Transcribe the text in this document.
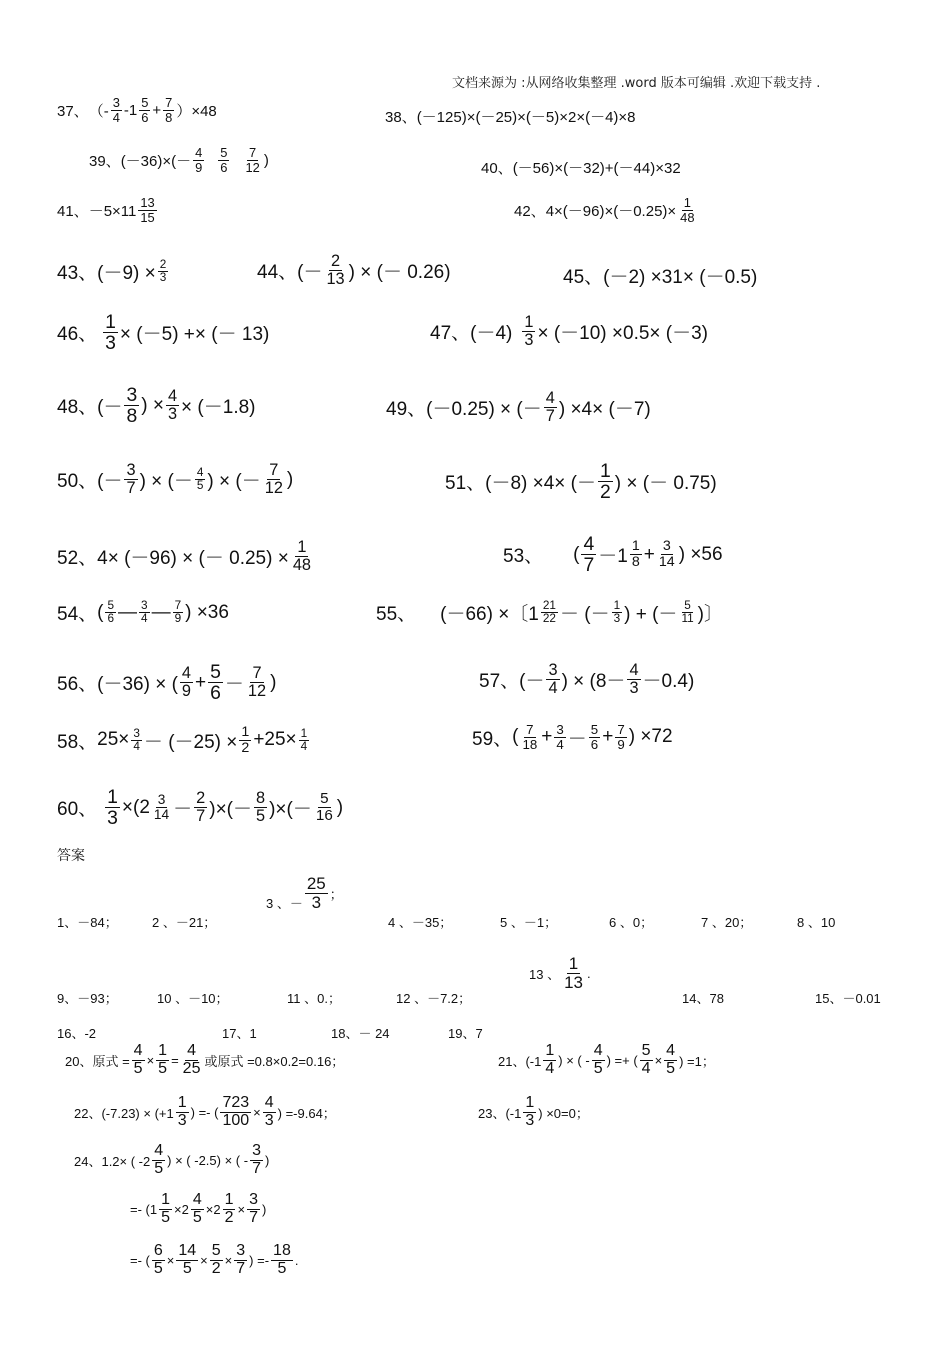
文档来源为 :从网络收集整理 .word 版本可编辑 .欢迎下载支持 .
37、 （- $\frac{3}{4} -1 \frac{5}{6} + \frac{7}{8} )\times 48$	38、 (－125)×(－25)×(－5)×2×(－4)×8
39、 $(-36)\times(- \frac{4}{9} \frac{5}{6} \frac{7}{12}$ )	40、 (－56)×(－32)+(－44)×32
41、 $-5\times 11 \frac{13}{15}$	42、 $4\times(-96)\times(-0.25)\times \frac{1}{48}$
43、 $(-9) \times \frac{2}{3}$	44、 (－ $\frac{2}{13}$ ) × (－ 0.26)	45、 (－2) ×31× (－0.5)
46、 $\frac{1}{3} \times (-5)$ +× (－ 13)	47、 $(-4) \frac{1}{3} \times (-10) \times 0.5\times (-3)$
48、 (－ $\frac{3}{8}$ ) × $\frac{4}{3} \times (-1.8)$	49、 (－0.25) × (－ $\frac{4}{7}$ ) ×4× (－7)
50、 (－ $\frac{3}{7}$ ) × (－ $\frac{4}{5}$ ) × (－ $\frac{7}{12}$ )	51、 (－8) ×4× (－ $\frac{1}{2}$ ) × (－ 0.75)
52、 4× (－96) × (－ $0.25) \times \frac{1}{48}$	53、 ( $\frac{4}{7} -1 \frac{1}{8} + \frac{3}{14}$ ) ×56
54、 ( $\frac{5}{6}$ — $\frac{3}{4}$ — $\frac{7}{9}$ ) ×36	55、 (－66) ×〔$1 \frac{21}{22}$ － (－ $\frac{1}{3}$ ) + (－ $\frac{5}{11}$ )〕
56、 (－36) × ( $\frac{4}{9} + \frac{5}{6} - \frac{7}{12}$ )	57、 (－ $\frac{3}{4}$ ) × $(8- \frac{4}{3} -0.4)$
58、 $25\times \frac{3}{4} - (-25) \times \frac{1}{2} +25\times \frac{1}{4}$	59、 ( $\frac{7}{18} + \frac{3}{4} - \frac{5}{6} + \frac{7}{9}$ ) ×72
60、 $\frac{1}{3} \times(2 \frac{3}{14} - \frac{2}{7}$ )×(－ $\frac{8}{5}$ )×(－ $\frac{5}{16}$ )
答案
1、－84；	2 、－21；
3 、－ $\frac{25}{3}$ ；
4 、－35；	5 、－1；	6 、0；	7 、20；	8 、10
9、－93；	10 、－10；	11 、0.；	12 、－7.2；
13 、 $\frac{1}{13}$ .
14、78	15、－0.01
16、-2	17、1	18、－ 24	19、7
20、原式 = $\frac{4}{5} \times \frac{1}{5} = \frac{4}{25}$ 或原式 =0.8×0.2=0.16；	21、($-1 \frac{1}{4}$ ) × ( - $\frac{4}{5}$ ) =+ ( $\frac{5}{4} \times \frac{4}{5}$ ) =1；
22、$(-7.23) \times (+1 \frac{1}{3}$ ) =- ( $\frac{723}{100} \times \frac{4}{3}$ ) =-9.64；	23、($-1 \frac{1}{3}$ ) ×0=0；
24、1.2× ( $-2 \frac{4}{5}$ ) × ( -2.5) × ( - $\frac{3}{7}$ )
=- ($1 \frac{1}{5} \times 2 \frac{4}{5} \times 2 \frac{1}{2} \times \frac{3}{7}$ )
=- ( $\frac{6}{5} \times \frac{14}{5} \times \frac{5}{2} \times \frac{3}{7}$ ) =- $\frac{18}{5}$ .
